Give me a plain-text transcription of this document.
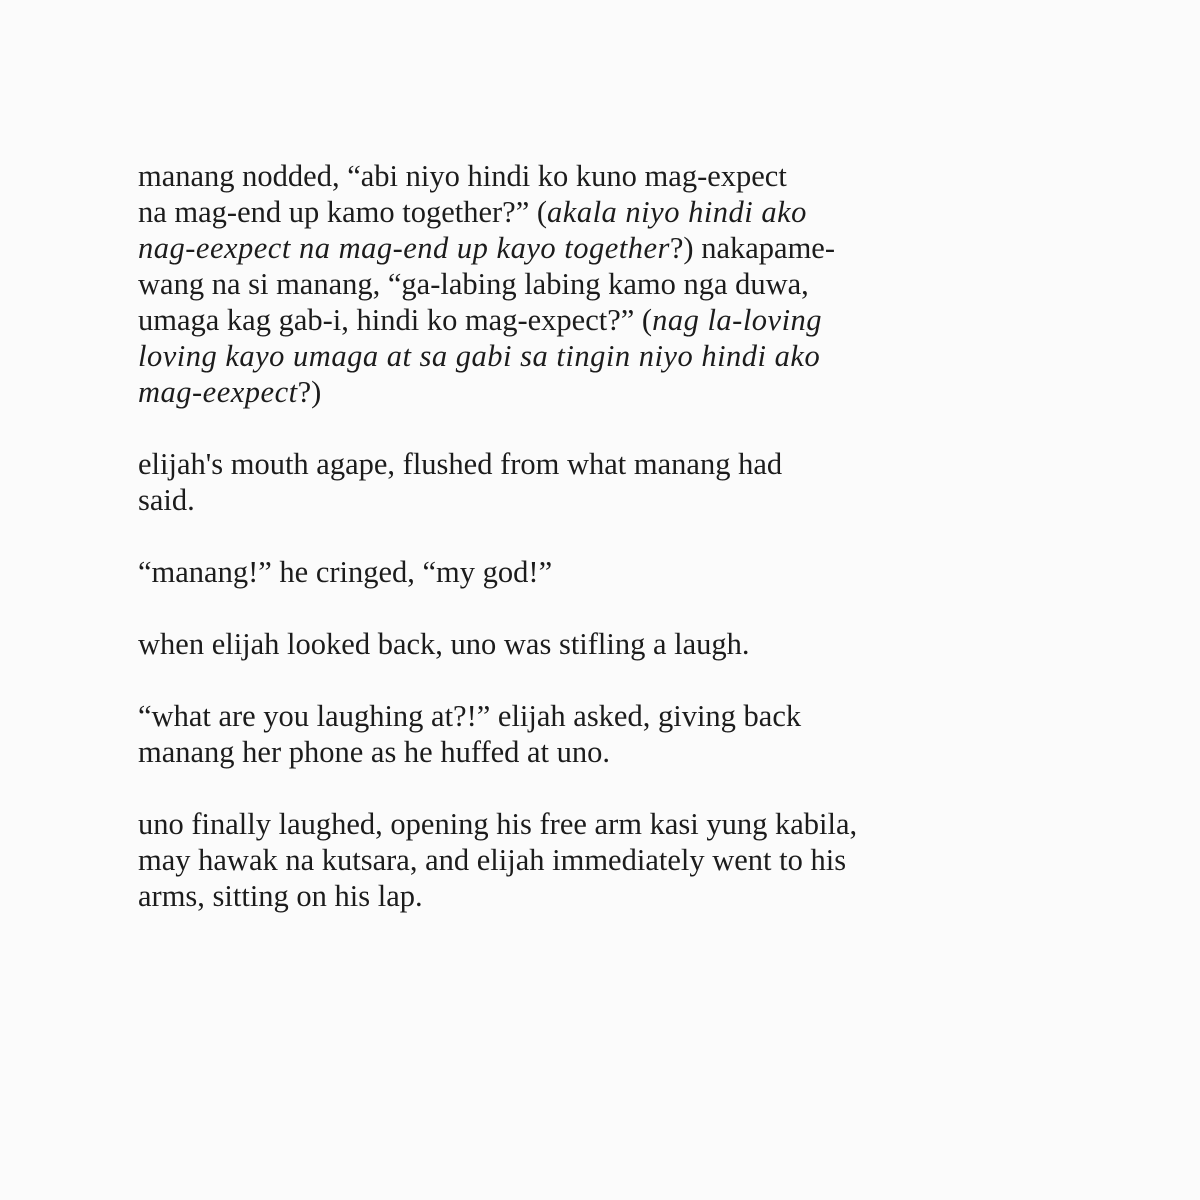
manang nodded, “abi niyo hindi ko kuno mag-expect
na mag-end up kamo together?” (akala niyo hindi ako
nag-eexpect na mag-end up kayo together?) nakapame-
wang na si manang, “ga-labing labing kamo nga duwa,
umaga kag gab-i, hindi ko mag-expect?” (nag la-loving
loving kayo umaga at sa gabi sa tingin niyo hindi ako
mag-eexpect?)
elijah's mouth agape, flushed from what manang had
said.
“manang!” he cringed, “my god!”
when elijah looked back, uno was stifling a laugh.
“what are you laughing at?!” elijah asked, giving back
manang her phone as he huffed at uno.
uno finally laughed, opening his free arm kasi yung kabila,
may hawak na kutsara, and elijah immediately went to his
arms, sitting on his lap.
